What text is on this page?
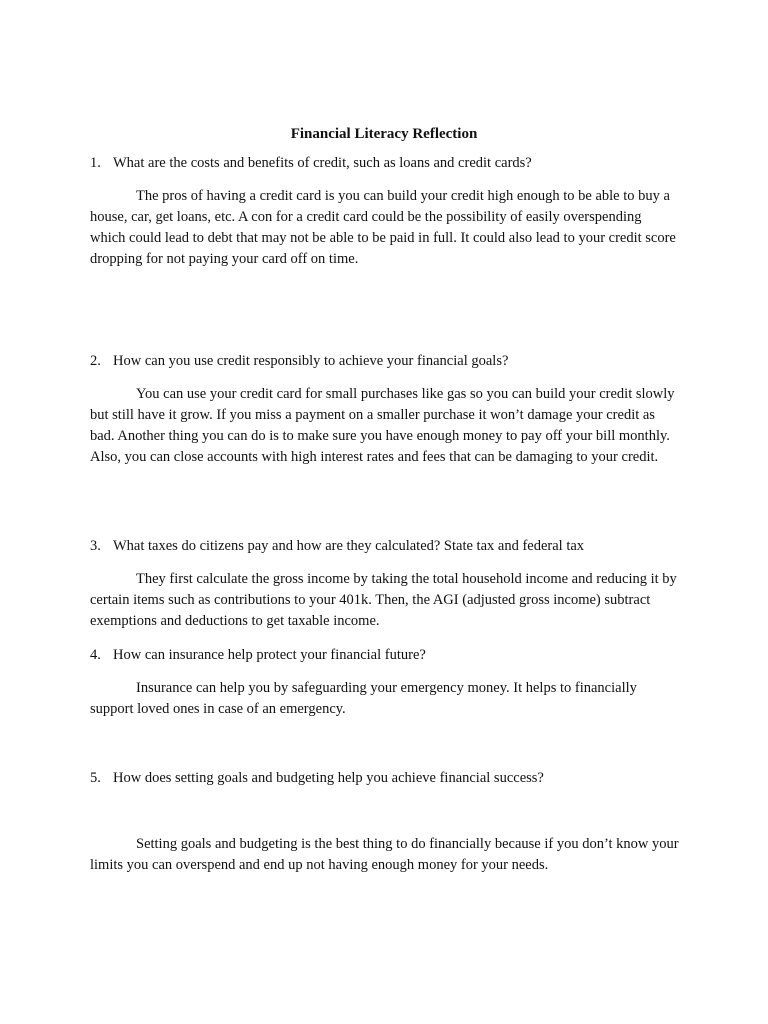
Financial Literacy Reflection
1. What are the costs and benefits of credit, such as loans and credit cards?
The pros of having a credit card is you can build your credit high enough to be able to buy a house, car, get loans, etc. A con for a credit card could be the possibility of easily overspending which could lead to debt that may not be able to be paid in full. It could also lead to your credit score dropping for not paying your card off on time.
2. How can you use credit responsibly to achieve your financial goals?
You can use your credit card for small purchases like gas so you can build your credit slowly but still have it grow. If you miss a payment on a smaller purchase it won’t damage your credit as bad. Another thing you can do is to make sure you have enough money to pay off your bill monthly. Also, you can close accounts with high interest rates and fees that can be damaging to your credit.
3. What taxes do citizens pay and how are they calculated? State tax and federal tax
They first calculate the gross income by taking the total household income and reducing it by certain items such as contributions to your 401k. Then, the AGI (adjusted gross income) subtract exemptions and deductions to get taxable income.
4. How can insurance help protect your financial future?
Insurance can help you by safeguarding your emergency money. It helps to financially support loved ones in case of an emergency.
5. How does setting goals and budgeting help you achieve financial success?
Setting goals and budgeting is the best thing to do financially because if you don’t know your limits you can overspend and end up not having enough money for your needs.
